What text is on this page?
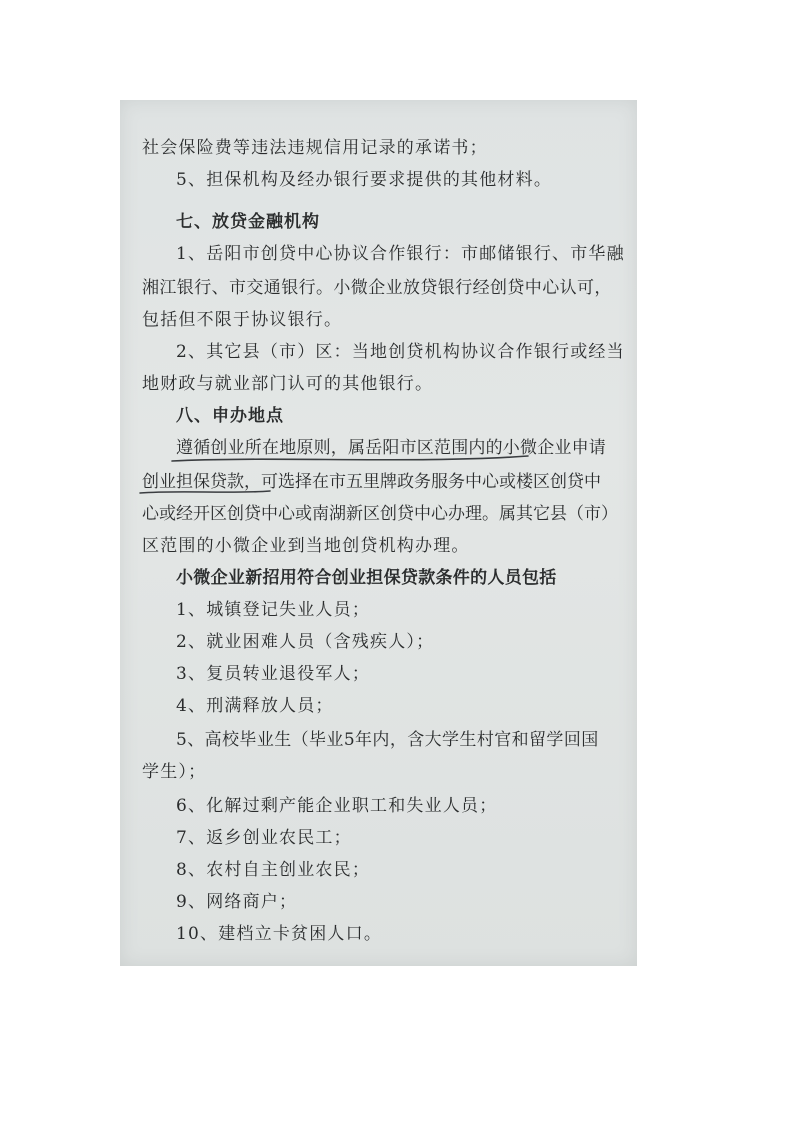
社会保险费等违法违规信用记录的承诺书；
5、担保机构及经办银行要求提供的其他材料。
七、放贷金融机构
1、岳阳市创贷中心协议合作银行：市邮储银行、市华融
湘江银行、市交通银行。小微企业放贷银行经创贷中心认可，
包括但不限于协议银行。
2、其它县（市）区：当地创贷机构协议合作银行或经当
地财政与就业部门认可的其他银行。
八、申办地点
遵循创业所在地原则，属岳阳市区范围内的小微企业申请
创业担保贷款，可选择在市五里牌政务服务中心或楼区创贷中
心或经开区创贷中心或南湖新区创贷中心办理。属其它县（市）
区范围的小微企业到当地创贷机构办理。
小微企业新招用符合创业担保贷款条件的人员包括
1、城镇登记失业人员；
2、就业困难人员（含残疾人）；
3、复员转业退役军人；
4、刑满释放人员；
5、高校毕业生（毕业5年内，含大学生村官和留学回国
学生）；
6、化解过剩产能企业职工和失业人员；
7、返乡创业农民工；
8、农村自主创业农民；
9、网络商户；
10、建档立卡贫困人口。
